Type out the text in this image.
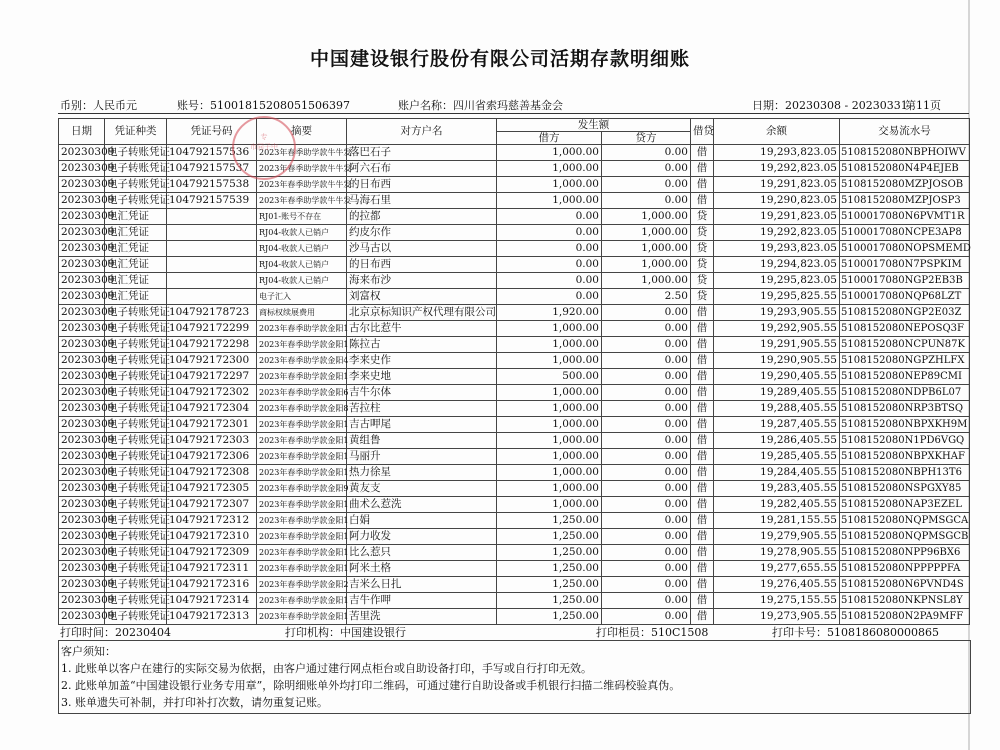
中国建设银行股份有限公司活期存款明细账
币别：人民币元	账号：51001815208051506397	账户名称：四川省索玛慈善基金会	日期：20230308 - 20230331
第11页
日期	凭证种类	凭证号码	摘要	对方户名	发生额		借贷	余额	交易流水号
					借方	贷方			
20230309	电子转账凭证	104792157536	2023年春季助学款牛牛发	落巴石子	1,000.00	0.00	借	19,293,823.05	5108152080NBPHOIWV
20230309	电子转账凭证	104792157537	2023年春季助学款牛牛发	阿六石布	1,000.00	0.00	借	19,292,823.05	5108152080N4P4EJEB
20230309	电子转账凭证	104792157538	2023年春季助学款牛牛发	的日布西	1,000.00	0.00	借	19,291,823.05	5108152080MZPJOSOB
20230309	电子转账凭证	104792157539	2023年春季助学款牛牛发	马海石里	1,000.00	0.00	借	19,290,823.05	5108152080MZPJOSP3
20230309	电汇凭证		RJ01-账号不存在	的拉都	0.00	1,000.00	贷	19,291,823.05	5100017080N6PVMT1R
20230309	电汇凭证		RJ04-收款人已销户	约皮尔作	0.00	1,000.00	贷	19,292,823.05	5100017080NCPE3AP8
20230309	电汇凭证		RJ04-收款人已销户	沙马古以	0.00	1,000.00	贷	19,293,823.05	5100017080NOPSMEMD
20230309	电汇凭证		RJ04-收款人已销户	的日布西	0.00	1,000.00	贷	19,294,823.05	5100017080N7PSPKIM
20230309	电汇凭证		RJ04-收款人已销户	海来布沙	0.00	1,000.00	贷	19,295,823.05	5100017080NGP2EB3B
20230309	电汇凭证		电子汇入	刘富权	0.00	2.50	贷	19,295,825.55	5100017080NQP68LZT
20230309	电子转账凭证	104792178723	商标权续展费用	北京京标知识产权代理有限公司	1,920.00	0.00	借	19,293,905.55	5108152080NGP2E03Z
20230309	电子转账凭证	104792172299	2023年春季助学款金阳1	古尔比惹牛	1,000.00	0.00	借	19,292,905.55	5108152080NEPOSQ3F
20230309	电子转账凭证	104792172298	2023年春季助学款金阳1	陈拉古	1,000.00	0.00	借	19,291,905.55	5108152080NCPUN87K
20230309	电子转账凭证	104792172300	2023年春季助学款金阳4	李来史作	1,000.00	0.00	借	19,290,905.55	5108152080NGPZHLFX
20230309	电子转账凭证	104792172297	2023年春季助学款金阳1	李来史地	500.00	0.00	借	19,290,405.55	5108152080NEP89CMI
20230309	电子转账凭证	104792172302	2023年春季助学款金阳6	吉牛尔体	1,000.00	0.00	借	19,289,405.55	5108152080NDPB6L07
20230309	电子转账凭证	104792172304	2023年春季助学款金阳8	苦拉柱	1,000.00	0.00	借	19,288,405.55	5108152080NRP3BTSQ
20230309	电子转账凭证	104792172301	2023年春季助学款金阳1	吉古呷尾	1,000.00	0.00	借	19,287,405.55	5108152080NBPXKH9M
20230309	电子转账凭证	104792172303	2023年春季助学款金阳1	黄组鲁	1,000.00	0.00	借	19,286,405.55	5108152080N1PD6VGQ
20230309	电子转账凭证	104792172306	2023年春季助学款金阳1	马丽升	1,000.00	0.00	借	19,285,405.55	5108152080NBPXKHAF
20230309	电子转账凭证	104792172308	2023年春季助学款金阳1	热力徐星	1,000.00	0.00	借	19,284,405.55	5108152080NBPH13T6
20230309	电子转账凭证	104792172305	2023年春季助学款金阳9	黄友支	1,000.00	0.00	借	19,283,405.55	5108152080NSPGXY85
20230309	电子转账凭证	104792172307	2023年春季助学款金阳1	曲术么惹洗	1,000.00	0.00	借	19,282,405.55	5108152080NAP3EZEL
20230309	电子转账凭证	104792172312	2023年春季助学款金阳1	白娟	1,250.00	0.00	借	19,281,155.55	5108152080NQPMSGCA
20230309	电子转账凭证	104792172310	2023年春季助学款金阳1	阿力收发	1,250.00	0.00	借	19,279,905.55	5108152080NQPMSGCB
20230309	电子转账凭证	104792172309	2023年春季助学款金阳1	比么惹只	1,250.00	0.00	借	19,278,905.55	5108152080NPP96BX6
20230309	电子转账凭证	104792172311	2023年春季助学款金阳1	阿米土格	1,250.00	0.00	借	19,277,655.55	5108152080NPPPPPFA
20230309	电子转账凭证	104792172316	2023年春季助学款金阳2	吉米么日扎	1,250.00	0.00	借	19,276,405.55	5108152080N6PVND4S
20230309	电子转账凭证	104792172314	2023年春季助学款金阳1	吉牛作呷	1,250.00	0.00	借	19,275,155.55	5108152080NKPNSL8Y
20230309	电子转账凭证	104792172313	2023年春季助学款金阳1	苦里洗	1,250.00	0.00	借	19,273,905.55	5108152080N2PA9MFF
专
市同子中
打印时间：20230404	打印机构：中国建设银行	打印柜员：510C1508	打印卡号：5108186080000865
客户须知：
1. 此账单以客户在建行的实际交易为依据，由客户通过建行网点柜台或自助设备打印，手写或自行打印无效。
2. 此账单加盖“中国建设银行业务专用章”，除明细账单外均打印二维码，可通过建行自助设备或手机银行扫描二维码校验真伪。
3. 账单遗失可补制，并打印补打次数，请勿重复记账。
